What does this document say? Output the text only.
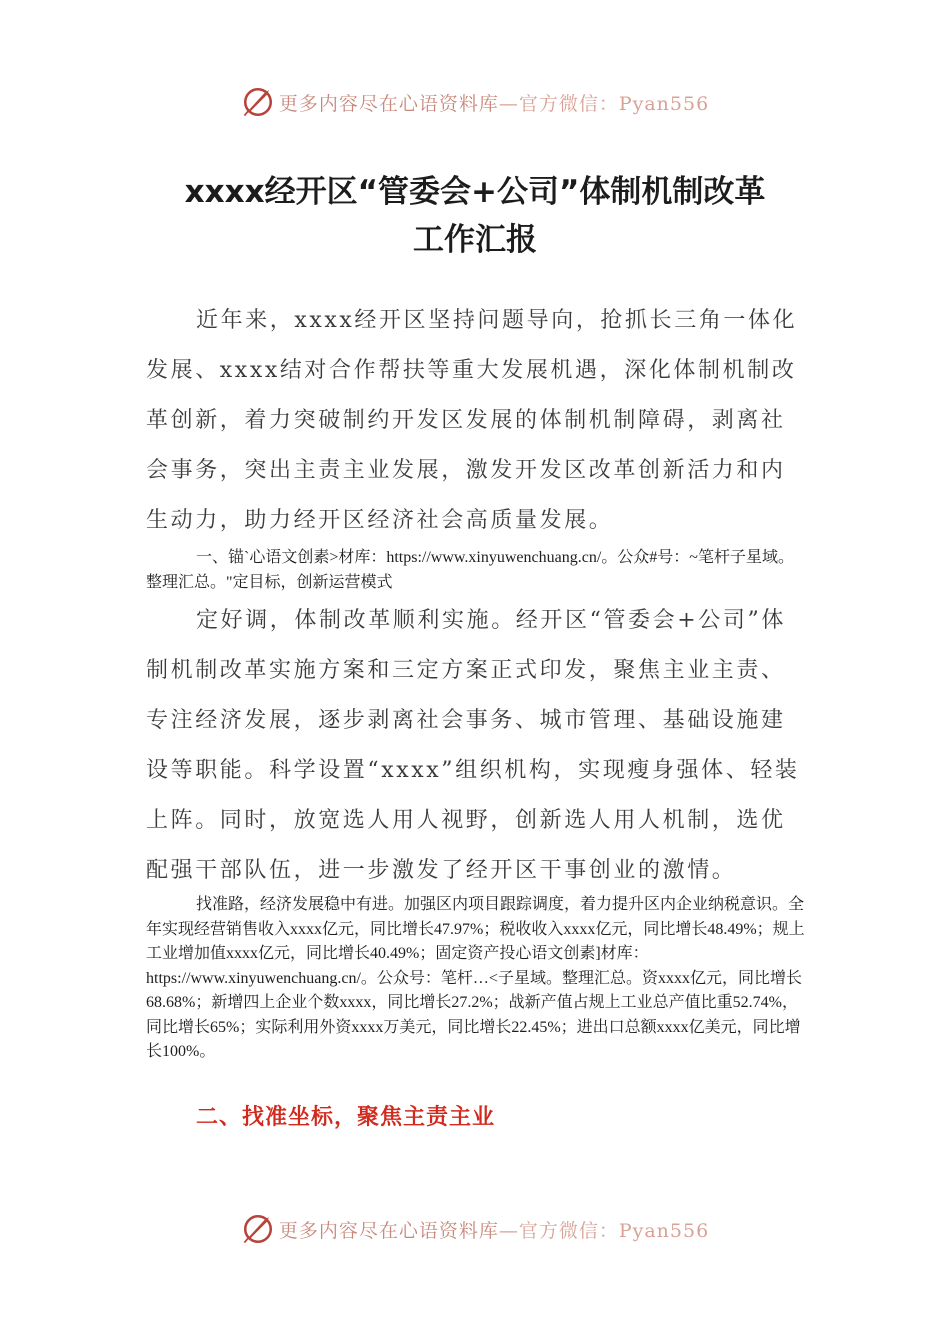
更多内容尽在心语资料库—官方微信：Pyan556
xxxx经开区“管委会+公司”体制机制改革
工作汇报

近年来，xxxx经开区坚持问题导向，抢抓长三角一体化发展、xxxx结对合作帮扶等重大发展机遇，深化体制机制改革创新，着力突破制约开发区发展的体制机制障碍，剥离社会事务，突出主责主业发展，激发开发区改革创新活力和内生动力，助力经开区经济社会高质量发展。

一、锚`心语文创素>材库：https://www.xinyuwenchuang.cn/。公众#号：~笔杆子星域。整理汇总。"定目标，创新运营模式

定好调，体制改革顺利实施。经开区“管委会+公司”体制机制改革实施方案和三定方案正式印发，聚焦主业主责、专注经济发展，逐步剥离社会事务、城市管理、基础设施建设等职能。科学设置“xxxx”组织机构，实现瘦身强体、轻装上阵。同时，放宽选人用人视野，创新选人用人机制，选优配强干部队伍，进一步激发了经开区干事创业的激情。

找准路，经济发展稳中有进。加强区内项目跟踪调度，着力提升区内企业纳税意识。全年实现经营销售收入xxxx亿元，同比增长47.97%；税收收入xxxx亿元，同比增长48.49%；规上工业增加值xxxx亿元，同比增长40.49%；固定资产投心语文创素]材库：https://www.xinyuwenchuang.cn/。公众号：笔杆…<子星域。整理汇总。资xxxx亿元，同比增长68.68%；新增四上企业个数xxxx，同比增长27.2%；战新产值占规上工业总产值比重52.74%，同比增长65%；实际利用外资xxxx万美元，同比增长22.45%；进出口总额xxxx亿美元，同比增长100%。

二、找准坐标，聚焦主责主业
更多内容尽在心语资料库—官方微信：Pyan556
